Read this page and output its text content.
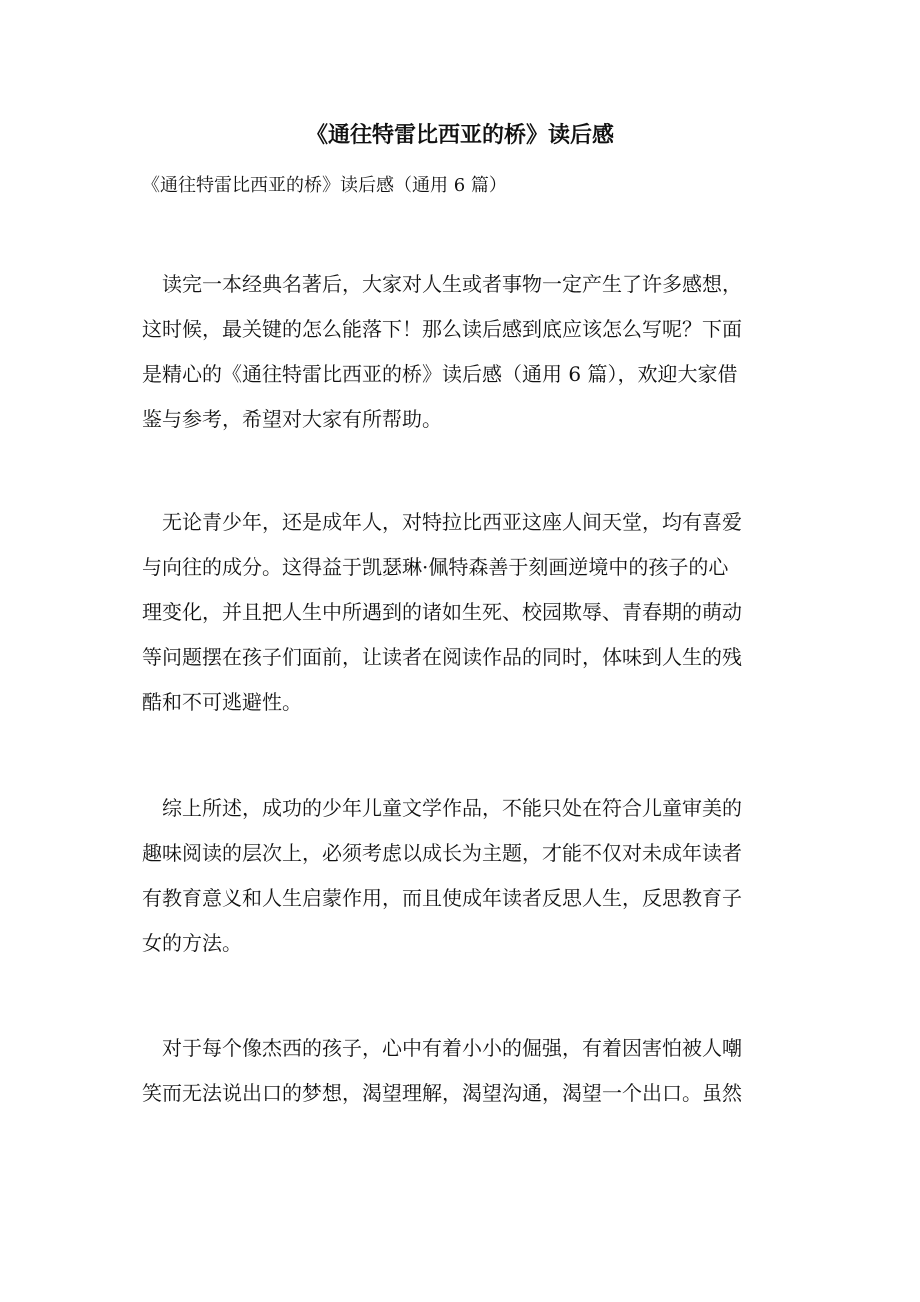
《通往特雷比西亚的桥》读后感
《通往特雷比西亚的桥》读后感（通用 6 篇）
　读完一本经典名著后，大家对人生或者事物一定产生了许多感想，
这时候，最关键的怎么能落下！那么读后感到底应该怎么写呢？下面
是精心的《通往特雷比西亚的桥》读后感（通用 6 篇），欢迎大家借
鉴与参考，希望对大家有所帮助。
　无论青少年，还是成年人，对特拉比西亚这座人间天堂，均有喜爱
与向往的成分。这得益于凯瑟琳·佩特森善于刻画逆境中的孩子的心
理变化，并且把人生中所遇到的诸如生死、校园欺辱、青春期的萌动
等问题摆在孩子们面前，让读者在阅读作品的同时，体味到人生的残
酷和不可逃避性。
　综上所述，成功的少年儿童文学作品，不能只处在符合儿童审美的
趣味阅读的层次上，必须考虑以成长为主题，才能不仅对未成年读者
有教育意义和人生启蒙作用，而且使成年读者反思人生，反思教育子
女的方法。
　对于每个像杰西的孩子，心中有着小小的倔强，有着因害怕被人嘲
笑而无法说出口的梦想，渴望理解，渴望沟通，渴望一个出口。虽然
